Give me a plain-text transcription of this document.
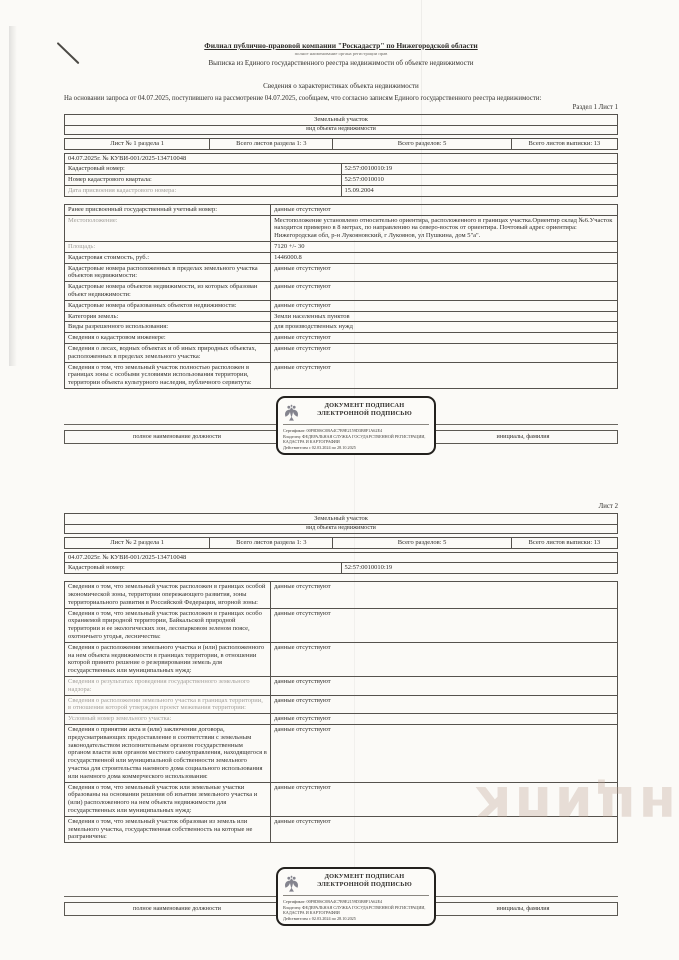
нципк
Филиал публично-правовой компании "Роскадастр" по Нижегородской области
полное наименование органа регистрации прав
Выписка из Единого государственного реестра недвижимости об объекте недвижимости
Сведения о характеристиках объекта недвижимости
На основании запроса от 04.07.2025, поступившего на рассмотрение 04.07.2025, сообщаем, что согласно записям Единого государственного реестра недвижимости:
Раздел 1 Лист 1
Земельный участок
вид объекта недвижимости
Лист № 1 раздела 1	Всего листов раздела 1: 3	Всего разделов: 5	Всего листов выписки: 13
04.07.2025г. № КУВИ-001/2025-134710048	
Кадастровый номер:	52:57:0010010:19
Номер кадастрового квартала:	52:57:0010010
Дата присвоения кадастрового номера:	15.09.2004
Ранее присвоенный государственный учетный номер:	данные отсутствуют
Местоположение:	Местоположение установлено относительно ориентира, расположенного в границах участка.Ориентир склад №6.Участок находится примерно в 8 метрах, по направлению на северо-восток от ориентира. Почтовый адрес ориентира: Нижегородская обл, р-н Лукояновский, г Лукоянов, ул Пушкина, дом 5"а".
Площадь:	7120 +/- 30
Кадастровая стоимость, руб.:	1446000.8
Кадастровые номера расположенных в пределах земельного участка объектов недвижимости:	данные отсутствуют
Кадастровые номера объектов недвижимости, из которых образован объект недвижимости:	данные отсутствуют
Кадастровые номера образованных объектов недвижимости:	данные отсутствуют
Категория земель:	Земли населенных пунктов
Виды разрешенного использования:	для производственных нужд
Сведения о кадастровом инженере:	данные отсутствуют
Сведения о лесах, водных объектах и об иных природных объектах, расположенных в пределах земельного участка:	данные отсутствуют
Сведения о том, что земельный участок полностью расположен в границах зоны с особыми условиями использования территории, территории объекта культурного наследия, публичного сервитута:	данные отсутствуют
полное наименование должности	инициалы, фамилия
ДОКУМЕНТ ПОДПИСАН
ЭЛЕКТРОННОЙ ПОДПИСЬЮ
Сертификат: 00F8D06C0BA4C7B9E2159D3B8F1A62E4
Владелец: ФЕДЕРАЛЬНАЯ СЛУЖБА ГОСУДАРСТВЕННОЙ РЕГИСТРАЦИИ, КАДАСТРА И КАРТОГРАФИИ
Действителен с 02.03.2024 по 28.10.2025
Лист 2
Земельный участок
вид объекта недвижимости
Лист № 2 раздела 1	Всего листов раздела 1: 3	Всего разделов: 5	Всего листов выписки: 13
04.07.2025г. № КУВИ-001/2025-134710048
Кадастровый номер:	52:57:0010010:19
Сведения о том, что земельный участок расположен в границах особой экономической зоны, территории опережающего развития, зоны территориального развития в Российской Федерации, игорной зоны:	данные отсутствуют
Сведения о том, что земельный участок расположен в границах особо охраняемой природной территории, Байкальской природной территории и ее экологических зон, лесопарковом зеленом поясе, охотничьего угодья, лесничества:	данные отсутствуют
Сведения о расположении земельного участка и (или) расположенного на нем объекта недвижимости в границах территории, в отношении которой принято решение о резервировании земель для государственных или муниципальных нужд:	данные отсутствуют
Сведения о результатах проведения государственного земельного надзора:	данные отсутствуют
Сведения о расположении земельного участка в границах территории, в отношении которой утвержден проект межевания территории:	данные отсутствуют
Условный номер земельного участка:	данные отсутствуют
Сведения о принятии акта и (или) заключении договора, предусматривающих предоставление в соответствии с земельным законодательством исполнительным органом государственным органом власти или органом местного самоуправления, находящегося в государственной или муниципальной собственности земельного участка для строительства наемного дома социального использования или наемного дома коммерческого использования:	данные отсутствуют
Сведения о том, что земельный участок или земельные участки образованы на основании решения об изъятии земельного участка и (или) расположенного на нем объекта недвижимости для государственных или муниципальных нужд:	данные отсутствуют
Сведения о том, что земельный участок образован из земель или земельного участка, государственная собственность на которые не разграничена:	данные отсутствуют
полное наименование должности	инициалы, фамилия
ДОКУМЕНТ ПОДПИСАН
ЭЛЕКТРОННОЙ ПОДПИСЬЮ
Сертификат: 00F8D06C0BA4C7B9E2159D3B8F1A62E4
Владелец: ФЕДЕРАЛЬНАЯ СЛУЖБА ГОСУДАРСТВЕННОЙ РЕГИСТРАЦИИ, КАДАСТРА И КАРТОГРАФИИ
Действителен с 02.03.2024 по 28.10.2025
